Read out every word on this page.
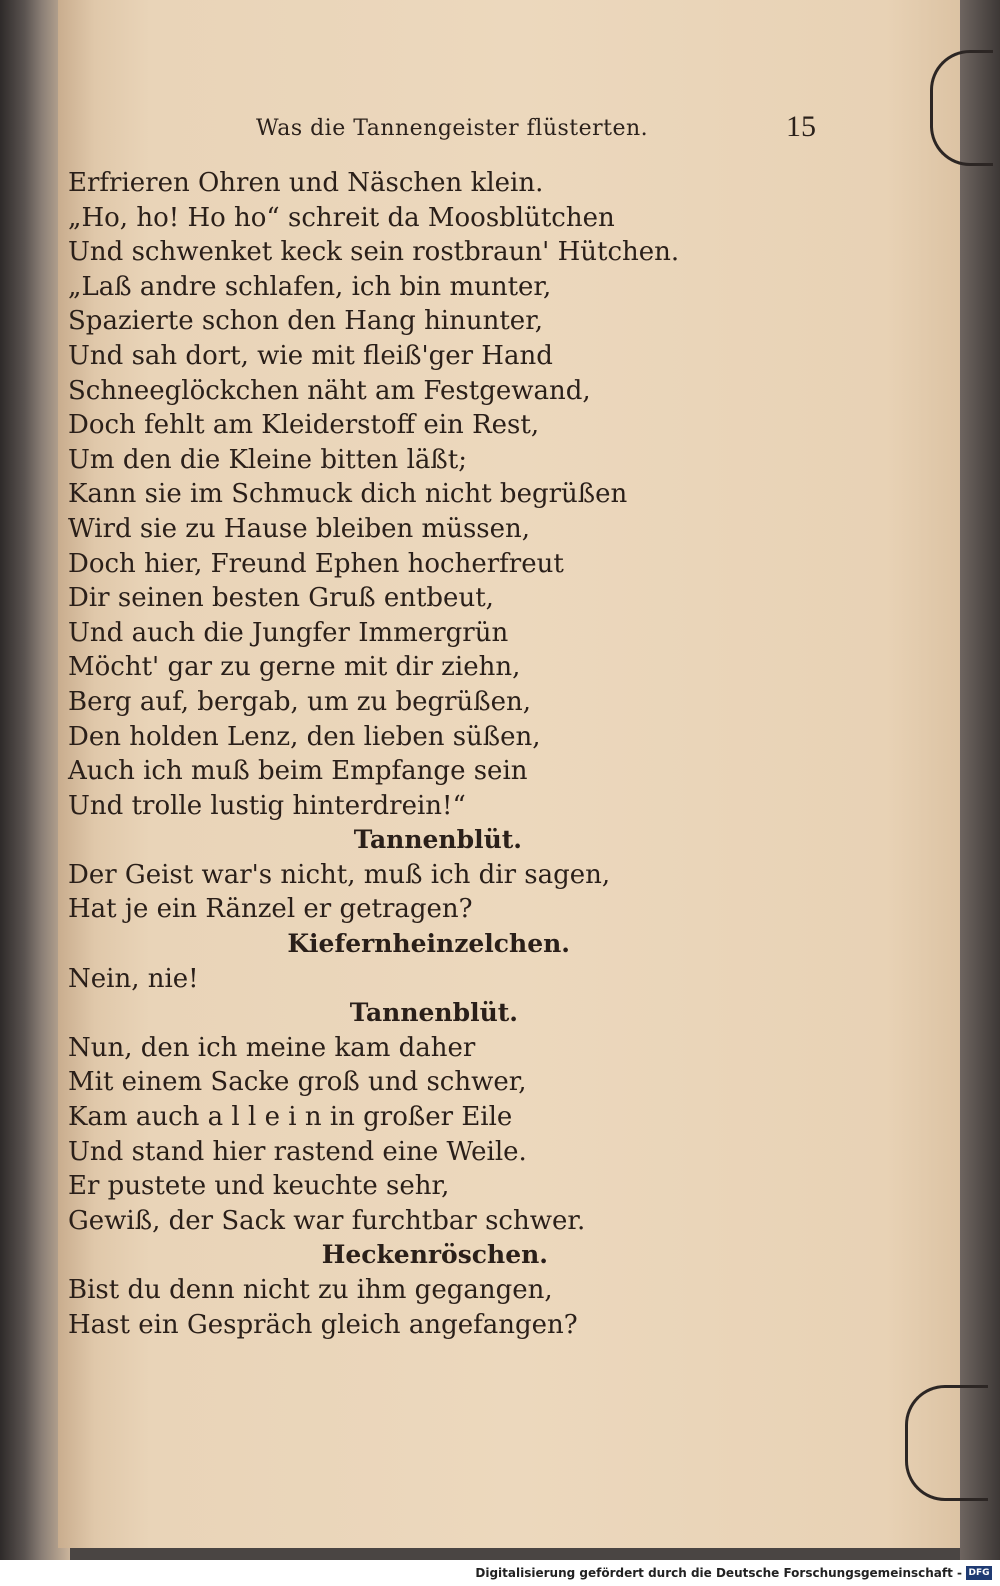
Was die Tannengeister flüsterten.	15
Erfrieren Ohren und Näschen klein.
„Ho, ho! Ho ho“ schreit da Moosblütchen
Und schwenket keck sein rostbraun' Hütchen.
„Laß andre schlafen, ich bin munter,
Spazierte schon den Hang hinunter,
Und sah dort, wie mit fleiß'ger Hand
Schneeglöckchen näht am Festgewand,
Doch fehlt am Kleiderstoff ein Rest,
Um den die Kleine bitten läßt;
Kann sie im Schmuck dich nicht begrüßen
Wird sie zu Hause bleiben müssen,
Doch hier, Freund Ephen hocherfreut
Dir seinen besten Gruß entbeut,
Und auch die Jungfer Immergrün
Möcht' gar zu gerne mit dir ziehn,
Berg auf, bergab, um zu begrüßen,
Den holden Lenz, den lieben süßen,
Auch ich muß beim Empfange sein
Und trolle lustig hinterdrein!“
Tannenblüt.
Der Geist war's nicht, muß ich dir sagen,
Hat je ein Ränzel er getragen?
Kiefernheinzelchen.
Nein, nie!
Tannenblüt.
Nun, den ich meine kam daher
Mit einem Sacke groß und schwer,
Kam auch a l l e i n in großer Eile
Und stand hier rastend eine Weile.
Er pustete und keuchte sehr,
Gewiß, der Sack war furchtbar schwer.
Heckenröschen.
Bist du denn nicht zu ihm gegangen,
Hast ein Gespräch gleich angefangen?
Digitalisierung gefördert durch die Deutsche Forschungsgemeinschaft - DFG
